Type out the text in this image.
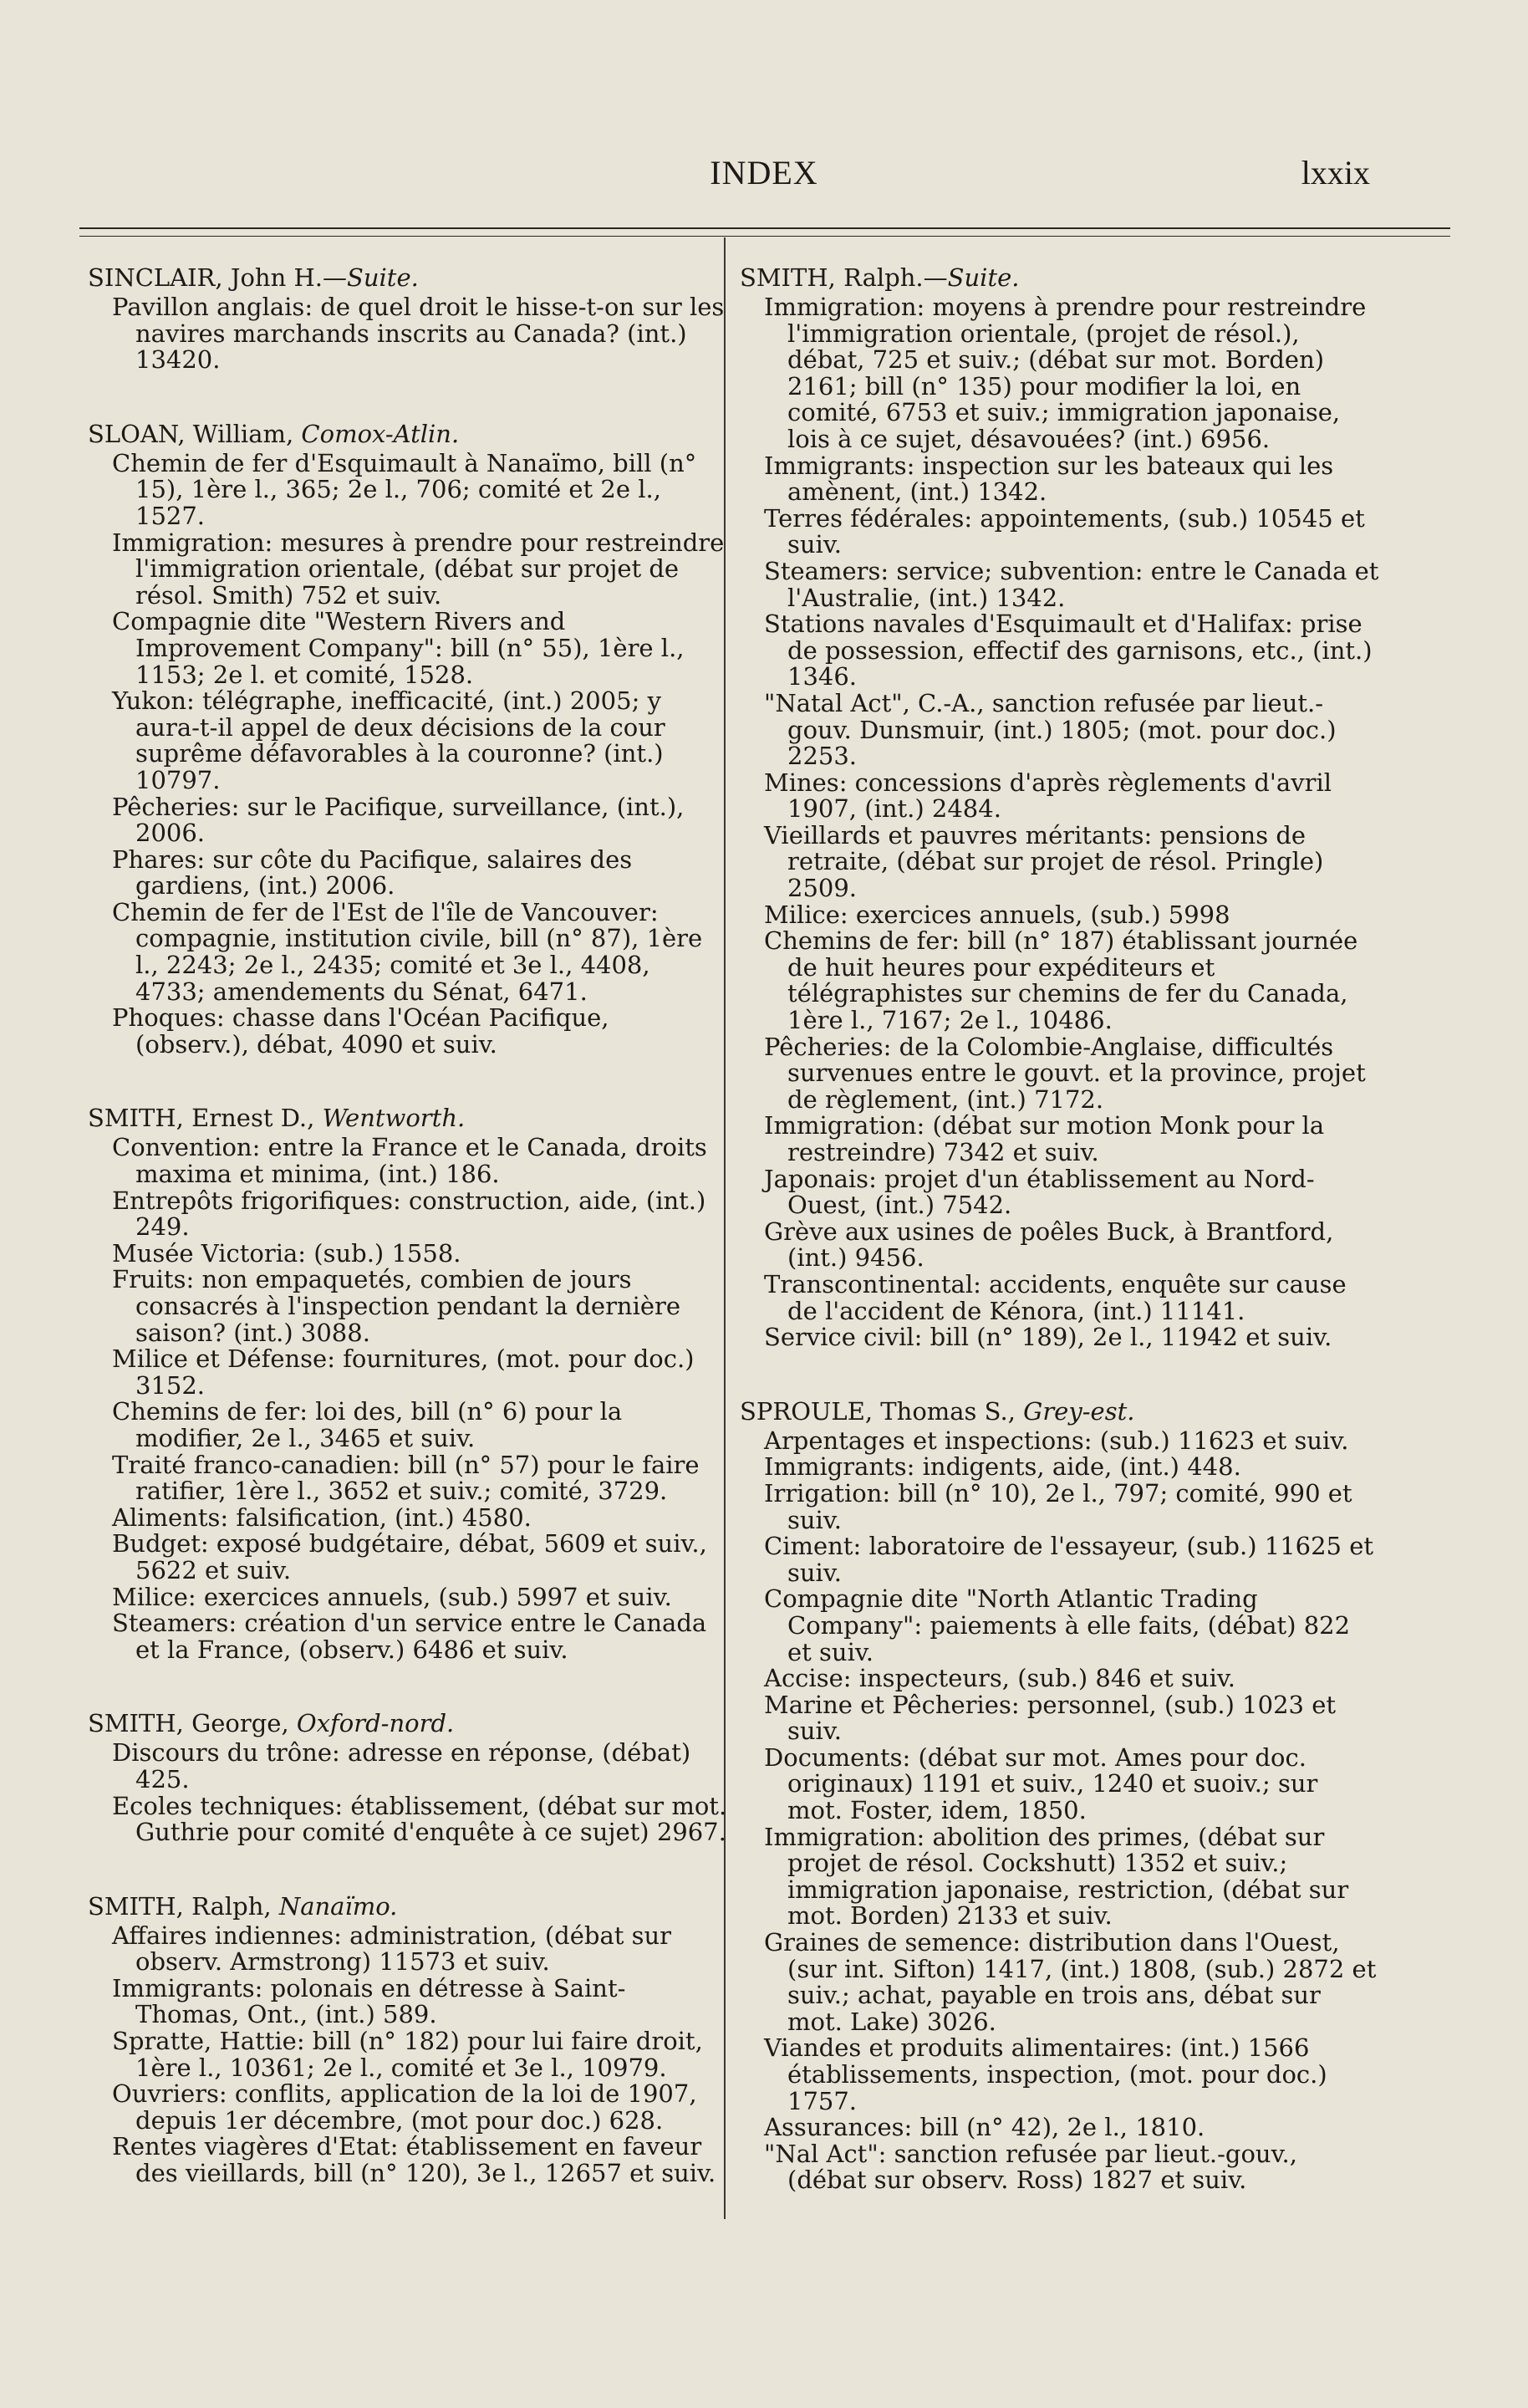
INDEX	lxxix

SINCLAIR, John H.—Suite.

Pavillon anglais: de quel droit le hisse-t-on sur les navires marchands inscrits au Canada? (int.) 13420.

SLOAN, William, Comox-Atlin.

Chemin de fer d'Esquimault à Nanaïmo, bill (n° 15), 1ère l., 365; 2e l., 706; comité et 2e l., 1527.

Immigration: mesures à prendre pour restreindre l'immigration orientale, (débat sur projet de résol. Smith) 752 et suiv.

Compagnie dite "Western Rivers and Improvement Company": bill (n° 55), 1ère l., 1153; 2e l. et comité, 1528.

Yukon: télégraphe, inefficacité, (int.) 2005; y aura-t-il appel de deux décisions de la cour suprême défavorables à la couronne? (int.) 10797.

Pêcheries: sur le Pacifique, surveillance, (int.), 2006.

Phares: sur côte du Pacifique, salaires des gardiens, (int.) 2006.

Chemin de fer de l'Est de l'île de Vancouver: compagnie, institution civile, bill (n° 87), 1ère l., 2243; 2e l., 2435; comité et 3e l., 4408, 4733; amendements du Sénat, 6471.

Phoques: chasse dans l'Océan Pacifique, (observ.), débat, 4090 et suiv.

SMITH, Ernest D., Wentworth.

Convention: entre la France et le Canada, droits maxima et minima, (int.) 186.

Entrepôts frigorifiques: construction, aide, (int.) 249.

Musée Victoria: (sub.) 1558.

Fruits: non empaquetés, combien de jours consacrés à l'inspection pendant la dernière saison? (int.) 3088.

Milice et Défense: fournitures, (mot. pour doc.) 3152.

Chemins de fer: loi des, bill (n° 6) pour la modifier, 2e l., 3465 et suiv.

Traité franco-canadien: bill (n° 57) pour le faire ratifier, 1ère l., 3652 et suiv.; comité, 3729.

Aliments: falsification, (int.) 4580.

Budget: exposé budgétaire, débat, 5609 et suiv., 5622 et suiv.

Milice: exercices annuels, (sub.) 5997 et suiv.

Steamers: création d'un service entre le Canada et la France, (observ.) 6486 et suiv.

SMITH, George, Oxford-nord.

Discours du trône: adresse en réponse, (débat) 425.

Ecoles techniques: établissement, (débat sur mot. Guthrie pour comité d'enquête à ce sujet) 2967.

SMITH, Ralph, Nanaïmo.

Affaires indiennes: administration, (débat sur observ. Armstrong) 11573 et suiv.

Immigrants: polonais en détresse à Saint-Thomas, Ont., (int.) 589.

Spratte, Hattie: bill (n° 182) pour lui faire droit, 1ère l., 10361; 2e l., comité et 3e l., 10979.

Ouvriers: conflits, application de la loi de 1907, depuis 1er décembre, (mot pour doc.) 628.

Rentes viagères d'Etat: établissement en faveur des vieillards, bill (n° 120), 3e l., 12657 et suiv.

SMITH, Ralph.—Suite.

Immigration: moyens à prendre pour restreindre l'immigration orientale, (projet de résol.), débat, 725 et suiv.; (débat sur mot. Borden) 2161; bill (n° 135) pour modifier la loi, en comité, 6753 et suiv.; immigration japonaise, lois à ce sujet, désavouées? (int.) 6956.

Immigrants: inspection sur les bateaux qui les amènent, (int.) 1342.

Terres fédérales: appointements, (sub.) 10545 et suiv.

Steamers: service; subvention: entre le Canada et l'Australie, (int.) 1342.

Stations navales d'Esquimault et d'Halifax: prise de possession, effectif des garnisons, etc., (int.) 1346.

"Natal Act", C.-A., sanction refusée par lieut.-gouv. Dunsmuir, (int.) 1805; (mot. pour doc.) 2253.

Mines: concessions d'après règlements d'avril 1907, (int.) 2484.

Vieillards et pauvres méritants: pensions de retraite, (débat sur projet de résol. Pringle) 2509.

Milice: exercices annuels, (sub.) 5998

Chemins de fer: bill (n° 187) établissant journée de huit heures pour expéditeurs et télégraphistes sur chemins de fer du Canada, 1ère l., 7167; 2e l., 10486.

Pêcheries: de la Colombie-Anglaise, difficultés survenues entre le gouvt. et la province, projet de règlement, (int.) 7172.

Immigration: (débat sur motion Monk pour la restreindre) 7342 et suiv.

Japonais: projet d'un établissement au Nord-Ouest, (int.) 7542.

Grève aux usines de poêles Buck, à Brantford, (int.) 9456.

Transcontinental: accidents, enquête sur cause de l'accident de Kénora, (int.) 11141.

Service civil: bill (n° 189), 2e l., 11942 et suiv.

SPROULE, Thomas S., Grey-est.

Arpentages et inspections: (sub.) 11623 et suiv.

Immigrants: indigents, aide, (int.) 448.

Irrigation: bill (n° 10), 2e l., 797; comité, 990 et suiv.

Ciment: laboratoire de l'essayeur, (sub.) 11625 et suiv.

Compagnie dite "North Atlantic Trading Company": paiements à elle faits, (débat) 822 et suiv.

Accise: inspecteurs, (sub.) 846 et suiv.

Marine et Pêcheries: personnel, (sub.) 1023 et suiv.

Documents: (débat sur mot. Ames pour doc. originaux) 1191 et suiv., 1240 et suoiv.; sur mot. Foster, idem, 1850.

Immigration: abolition des primes, (débat sur projet de résol. Cockshutt) 1352 et suiv.; immigration japonaise, restriction, (débat sur mot. Borden) 2133 et suiv.

Graines de semence: distribution dans l'Ouest, (sur int. Sifton) 1417, (int.) 1808, (sub.) 2872 et suiv.; achat, payable en trois ans, débat sur mot. Lake) 3026.

Viandes et produits alimentaires: (int.) 1566 établissements, inspection, (mot. pour doc.) 1757.

Assurances: bill (n° 42), 2e l., 1810.

"Nal Act": sanction refusée par lieut.-gouv., (débat sur observ. Ross) 1827 et suiv.
